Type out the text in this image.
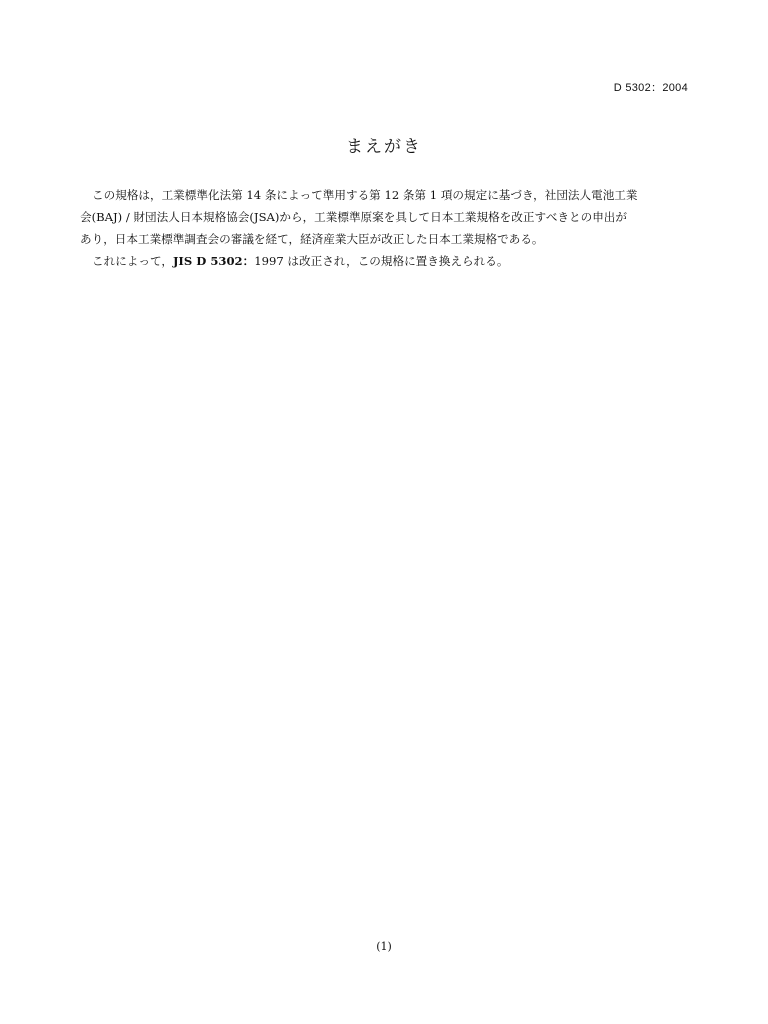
D 5302：2004
まえがき
この規格は，工業標準化法第 14 条によって準用する第 12 条第 1 項の規定に基づき，社団法人電池工業
会(BAJ) / 財団法人日本規格協会(JSA)から，工業標準原案を具して日本工業規格を改正すべきとの申出が
あり，日本工業標準調査会の審議を経て，経済産業大臣が改正した日本工業規格である。
これによって，JIS D 5302：1997 は改正され，この規格に置き換えられる。
(1)
